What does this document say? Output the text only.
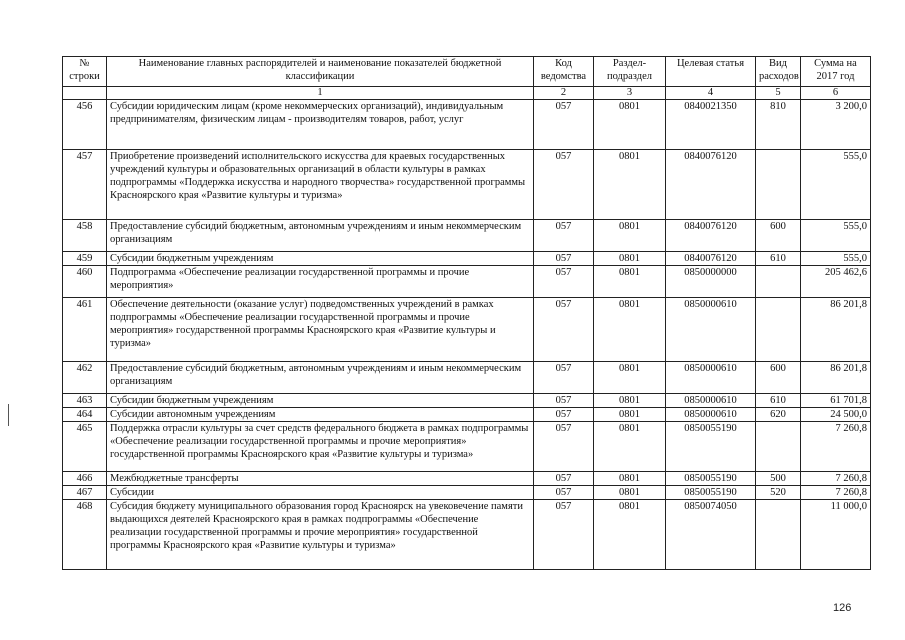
№ строки	Наименование главных распорядителей и наименование показателей бюджетной классификации	Код ведомства	Раздел-подраздел	Целевая статья	Вид расходов	Сумма на 2017 год
	1	2	3	4	5	6
456	Субсидии юридическим лицам (кроме некоммерческих организаций), индивидуальным предпринимателям, физическим лицам - производителям товаров, работ, услуг	057	0801	0840021350	810	3 200,0
457	Приобретение произведений исполнительского искусства для краевых государственных учреждений культуры и образовательных организаций в области культуры в рамках подпрограммы «Поддержка искусства и народного творчества» государственной программы Красноярского края «Развитие культуры и туризма»	057	0801	0840076120		555,0
458	Предоставление субсидий бюджетным, автономным учреждениям и иным некоммерческим организациям	057	0801	0840076120	600	555,0
459	Субсидии бюджетным учреждениям	057	0801	0840076120	610	555,0
460	Подпрограмма «Обеспечение реализации государственной программы и прочие мероприятия»	057	0801	0850000000		205 462,6
461	Обеспечение деятельности (оказание услуг) подведомственных учреждений в рамках подпрограммы «Обеспечение реализации государственной программы и прочие мероприятия» государственной программы Красноярского края «Развитие культуры и туризма»	057	0801	0850000610		86 201,8
462	Предоставление субсидий бюджетным, автономным учреждениям и иным некоммерческим организациям	057	0801	0850000610	600	86 201,8
463	Субсидии бюджетным учреждениям	057	0801	0850000610	610	61 701,8
464	Субсидии автономным учреждениям	057	0801	0850000610	620	24 500,0
465	Поддержка отрасли культуры за счет средств федерального бюджета в рамках подпрограммы «Обеспечение реализации государственной программы и прочие мероприятия» государственной программы Красноярского края «Развитие культуры и туризма»	057	0801	0850055190		7 260,8
466	Межбюджетные трансферты	057	0801	0850055190	500	7 260,8
467	Субсидии	057	0801	0850055190	520	7 260,8
468	Субсидия бюджету муниципального образования город Красноярск на увековечение памяти выдающихся деятелей Красноярского края в рамках подпрограммы «Обеспечение реализации государственной программы и прочие мероприятия» государственной программы Красноярского края «Развитие культуры и туризма»	057	0801	0850074050		11 000,0
126
